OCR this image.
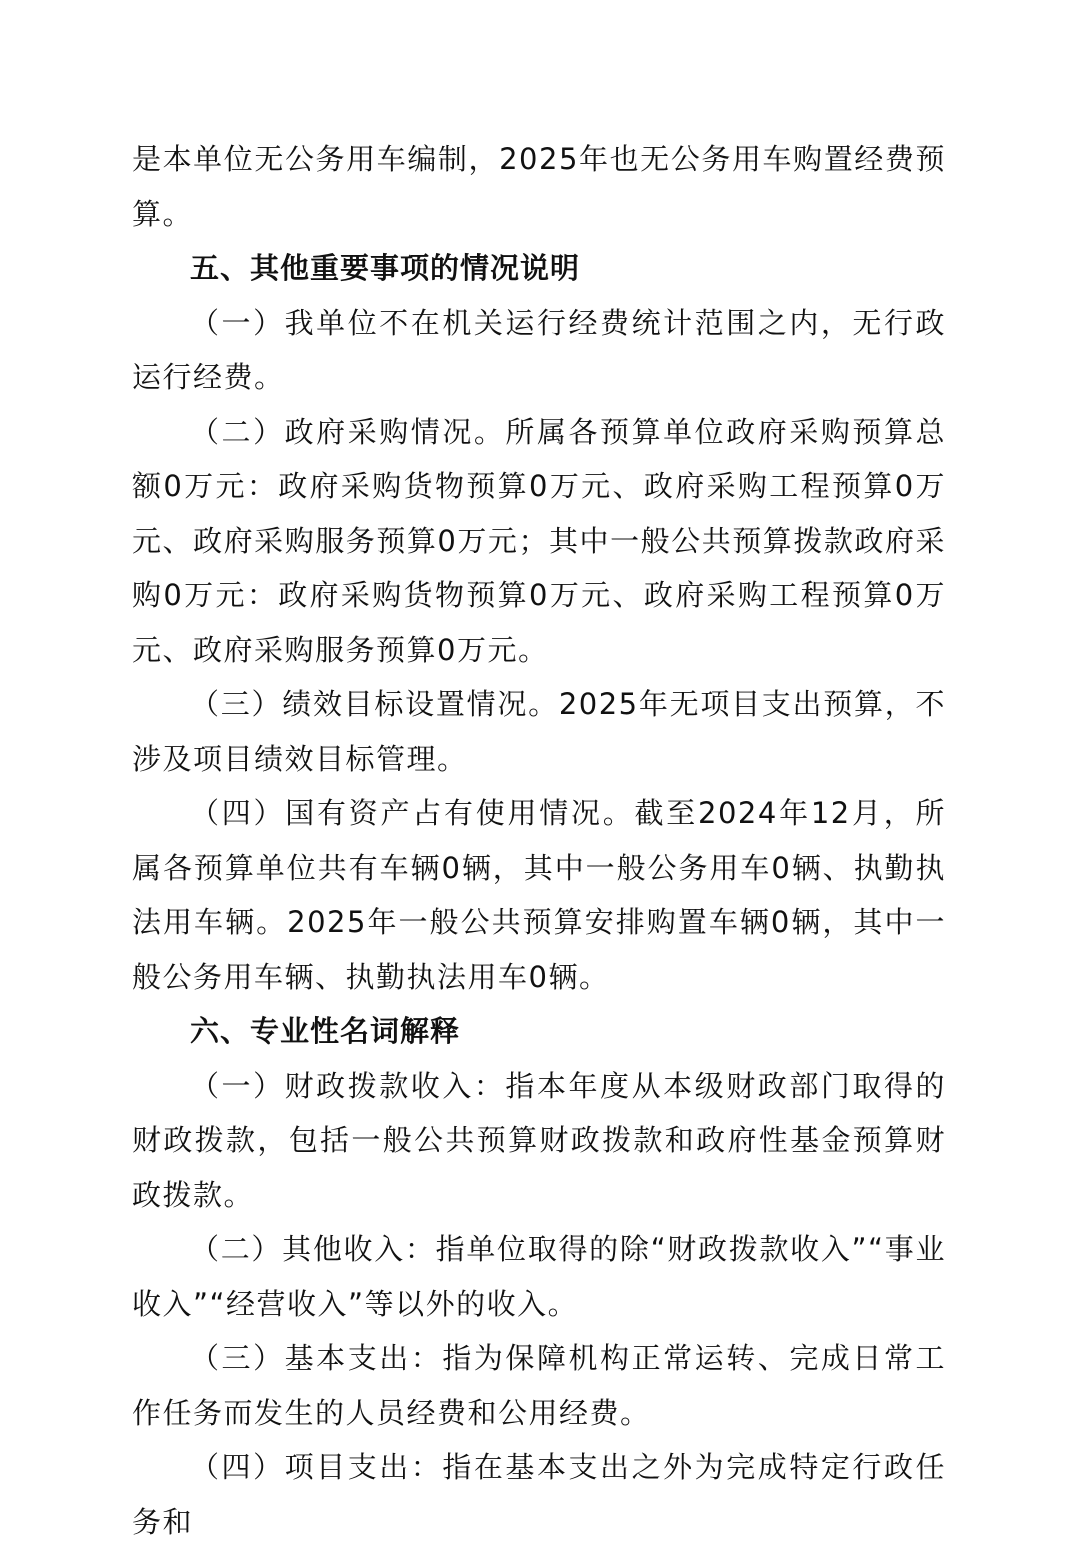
是本单位无公务用车编制，2025年也无公务用车购置经费预算。

五、其他重要事项的情况说明

（一）我单位不在机关运行经费统计范围之内，无行政运行经费。

（二）政府采购情况。所属各预算单位政府采购预算总额0万元：政府采购货物预算0万元、政府采购工程预算0万元、政府采购服务预算0万元；其中一般公共预算拨款政府采购0万元：政府采购货物预算0万元、政府采购工程预算0万元、政府采购服务预算0万元。

（三）绩效目标设置情况。2025年无项目支出预算，不涉及项目绩效目标管理。

（四）国有资产占有使用情况。截至2024年12月，所属各预算单位共有车辆0辆，其中一般公务用车0辆、执勤执法用车辆。2025年一般公共预算安排购置车辆0辆，其中一般公务用车辆、执勤执法用车0辆。

六、专业性名词解释

（一）财政拨款收入：指本年度从本级财政部门取得的财政拨款，包括一般公共预算财政拨款和政府性基金预算财政拨款。

（二）其他收入：指单位取得的除“财政拨款收入”“事业收入”“经营收入”等以外的收入。

（三）基本支出：指为保障机构正常运转、完成日常工作任务而发生的人员经费和公用经费。

（四）项目支出：指在基本支出之外为完成特定行政任务和
